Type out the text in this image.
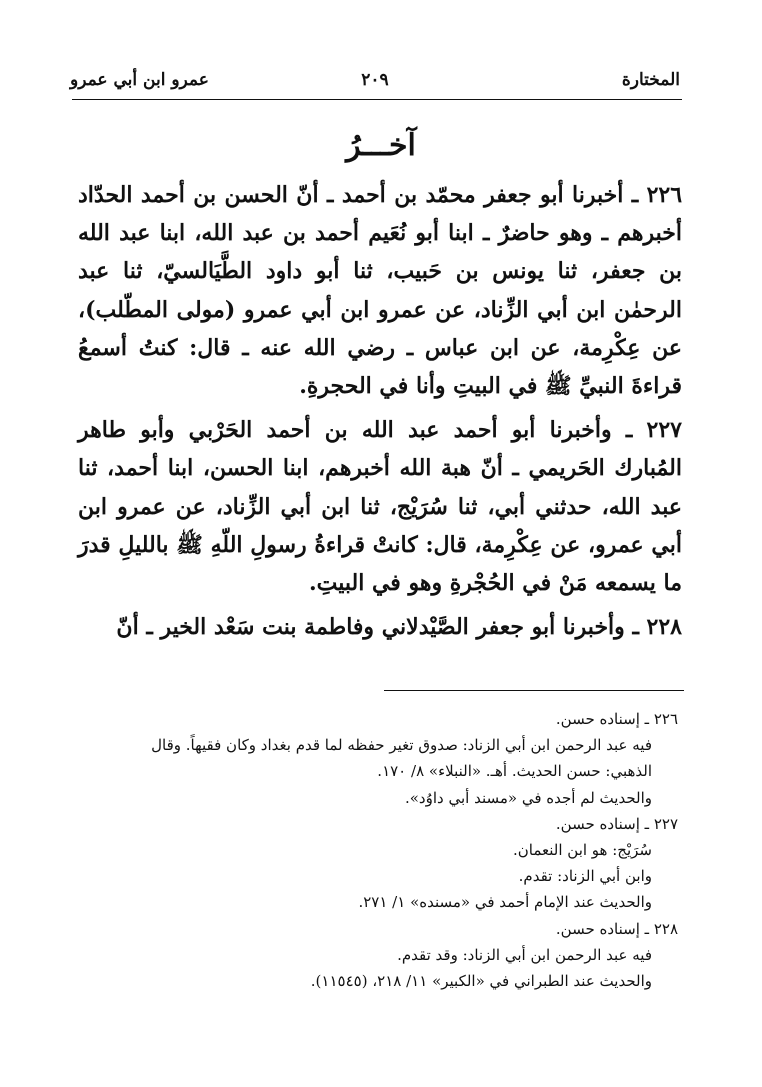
المختارة
٢٠٩
عمرو ابن أبي عمرو
آخـــرُ

٢٢٦ ـ أخبرنا أبو جعفر محمّد بن أحمد ـ أنّ الحسن بن أحمد الحدّاد أخبرهم ـ وهو حاضرٌ ـ ابنا أبو نُعَيم أحمد بن عبد الله، ابنا عبد الله بن جعفر، ثنا يونس بن حَبيب، ثنا أبو داود الطَّيَالسيّ، ثنا عبد الرحمٰن ابن أبي الزِّناد، عن عمرو ابن أبي عمرو (مولى المطّلب)، عن عِكْرِمة، عن ابن عباس ـ رضي الله عنه ـ قال: كنتُ أسمعُ قراءةَ النبيِّ ﷺ في البيتِ وأنا في الحجرةِ.

٢٢٧ ـ وأخبرنا أبو أحمد عبد الله بن أحمد الحَرْبي وأبو طاهر المُبارك الحَريمي ـ أنّ هبة الله أخبرهم، ابنا الحسن، ابنا أحمد، ثنا عبد الله، حدثني أبي، ثنا سُرَيْج، ثنا ابن أبي الزِّناد، عن عمرو ابن أبي عمرو، عن عِكْرِمة، قال: كانتْ قراءةُ رسولِ اللّهِ ﷺ بالليلِ قدرَ ما يسمعه مَنْ في الحُجْرةِ وهو في البيتِ.

٢٢٨ ـ وأخبرنا أبو جعفر الصَّيْدلاني وفاطمة بنت سَعْد الخير ـ أنّ

٢٢٦ ـ إسناده حسن.

فيه عبد الرحمن ابن أبي الزناد: صدوق تغير حفظه لما قدم بغداد وكان فقيهاً. وقال

الذهبي: حسن الحديث. أهـ. «النبلاء» ٨/ ١٧٠.

والحديث لم أجده في «مسند أبي داوُد».

٢٢٧ ـ إسناده حسن.

سُرَيْج: هو ابن النعمان.

وابن أبي الزناد: تقدم.

والحديث عند الإمام أحمد في «مسنده» ١/ ٢٧١.

٢٢٨ ـ إسناده حسن.

فيه عبد الرحمن ابن أبي الزناد: وقد تقدم.

والحديث عند الطبراني في «الكبير» ١١/ ٢١٨، (١١٥٤٥).
